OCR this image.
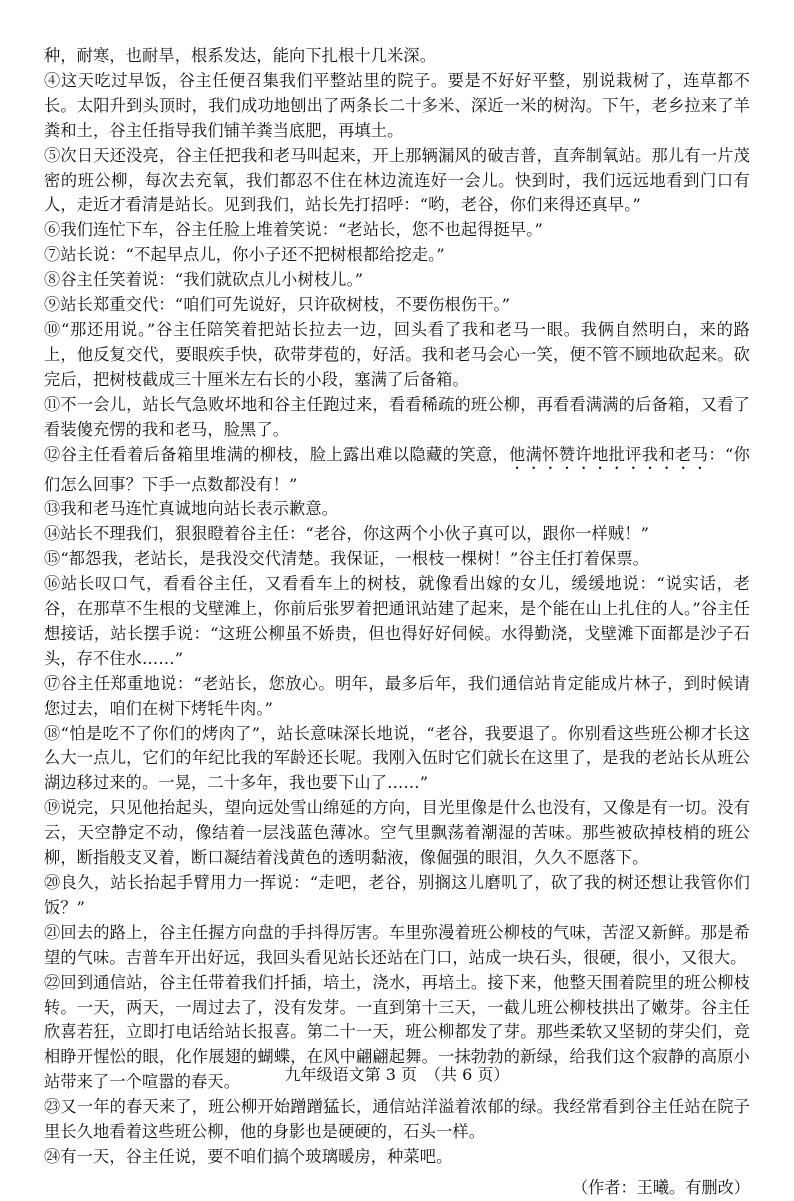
种，耐寒，也耐旱，根系发达，能向下扎根十几米深。

④这天吃过早饭，谷主任便召集我们平整站里的院子。要是不好好平整，别说栽树了，连草都不长。太阳升到头顶时，我们成功地刨出了两条长二十多米、深近一米的树沟。下午，老乡拉来了羊粪和土，谷主任指导我们铺羊粪当底肥，再填土。

⑤次日天还没亮，谷主任把我和老马叫起来，开上那辆漏风的破吉普，直奔制氧站。那儿有一片茂密的班公柳，每次去充氧，我们都忍不住在林边流连好一会儿。快到时，我们远远地看到门口有人，走近才看清是站长。见到我们，站长先打招呼：“哟，老谷，你们来得还真早。”

⑥我们连忙下车，谷主任脸上堆着笑说：“老站长，您不也起得挺早。”

⑦站长说：“不起早点儿，你小子还不把树根都给挖走。”

⑧谷主任笑着说：“我们就砍点儿小树枝儿。”

⑨站长郑重交代：“咱们可先说好，只许砍树枝，不要伤根伤干。”

⑩“那还用说。”谷主任陪笑着把站长拉去一边，回头看了我和老马一眼。我俩自然明白，来的路上，他反复交代，要眼疾手快，砍带芽苞的，好活。我和老马会心一笑，便不管不顾地砍起来。砍完后，把树枝截成三十厘米左右长的小段，塞满了后备箱。

⑪不一会儿，站长气急败坏地和谷主任跑过来，看看稀疏的班公柳，再看看满满的后备箱，又看了看装傻充愣的我和老马，脸黑了。

⑫谷主任看着后备箱里堆满的柳枝，脸上露出难以隐藏的笑意，他满怀赞许地批评我和老马：“你们怎么回事？下手一点数都没有！”

⑬我和老马连忙真诚地向站长表示歉意。

⑭站长不理我们，狠狠瞪着谷主任：“老谷，你这两个小伙子真可以，跟你一样贼！”

⑮“都怨我，老站长，是我没交代清楚。我保证，一根枝一棵树！”谷主任打着保票。

⑯站长叹口气，看看谷主任，又看看车上的树枝，就像看出嫁的女儿，缓缓地说：“说实话，老谷，在那草不生根的戈壁滩上，你前后张罗着把通讯站建了起来，是个能在山上扎住的人。”谷主任想接话，站长摆手说：“这班公柳虽不娇贵，但也得好好伺候。水得勤浇，戈壁滩下面都是沙子石头，存不住水……”

⑰谷主任郑重地说：“老站长，您放心。明年，最多后年，我们通信站肯定能成片林子，到时候请您过去，咱们在树下烤牦牛肉。”

⑱“怕是吃不了你们的烤肉了”，站长意味深长地说，“老谷，我要退了。你别看这些班公柳才长这么大一点儿，它们的年纪比我的军龄还长呢。我刚入伍时它们就长在这里了，是我的老站长从班公湖边移过来的。一晃，二十多年，我也要下山了……”

⑲说完，只见他抬起头，望向远处雪山绵延的方向，目光里像是什么也没有，又像是有一切。没有云，天空静定不动，像结着一层浅蓝色薄冰。空气里飘荡着潮湿的苦味。那些被砍掉枝梢的班公柳，断指般支叉着，断口凝结着浅黄色的透明黏液，像倔强的眼泪，久久不愿落下。

⑳良久，站长抬起手臂用力一挥说：“走吧，老谷，别搁这儿磨叽了，砍了我的树还想让我管你们饭？”

㉑回去的路上，谷主任握方向盘的手抖得厉害。车里弥漫着班公柳枝的气味，苦涩又新鲜。那是希望的气味。吉普车开出好远，我回头看见站长还站在门口，站成一块石头，很硬，很小，又很大。

㉒回到通信站，谷主任带着我们扦插，培土，浇水，再培土。接下来，他整天围着院里的班公柳枝转。一天，两天，一周过去了，没有发芽。一直到第十三天，一截儿班公柳枝拱出了嫩芽。谷主任欣喜若狂，立即打电话给站长报喜。第二十一天，班公柳都发了芽。那些柔软又坚韧的芽尖们，竞相睁开惺忪的眼，化作展翅的蝴蝶，在风中翩翩起舞。一抹勃勃的新绿，给我们这个寂静的高原小站带来了一个喧嚣的春天。

㉓又一年的春天来了，班公柳开始蹭蹭猛长，通信站洋溢着浓郁的绿。我经常看到谷主任站在院子里长久地看着这些班公柳，他的身影也是硬硬的，石头一样。

㉔有一天，谷主任说，要不咱们搞个玻璃暖房，种菜吧。

（作者：王曦。有删改）

九年级语文第 3 页　（共 6 页）
